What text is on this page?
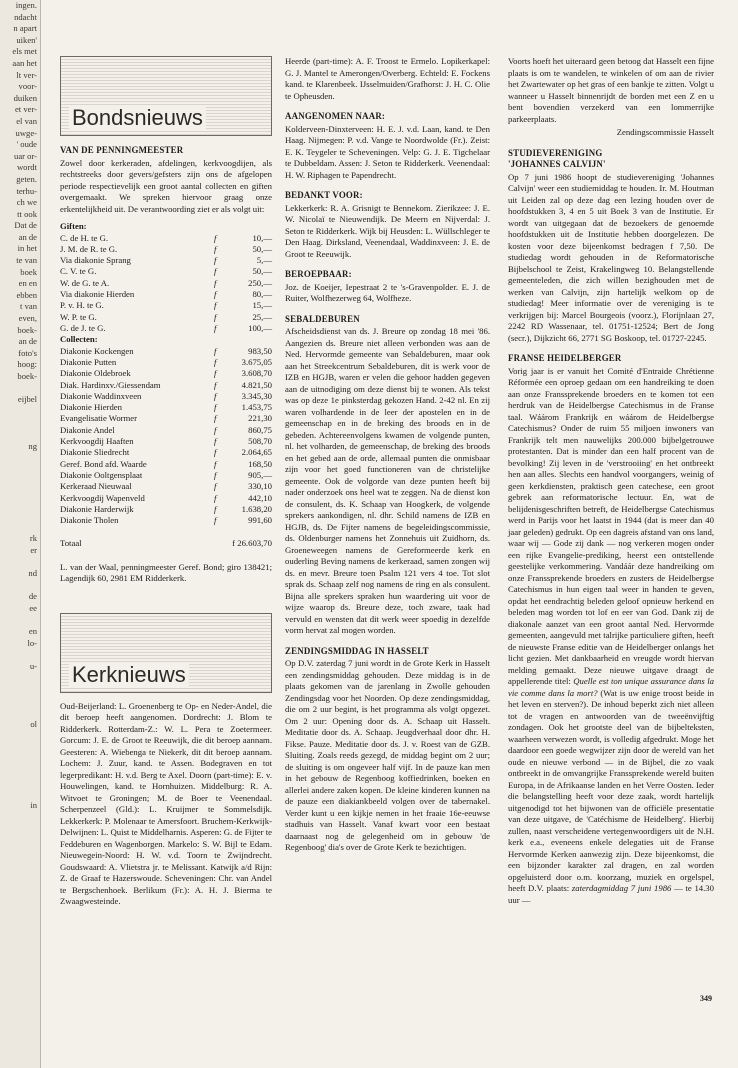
ingen.
ndacht
n apart
uiken'
els met
aan het
lt ver-
voor-
duiken
et ver-
el van
uwge-
' oude
uar or-
wordt
geten.
terhu-
ch we
tt ook
Dat de
an de
in het
te van
boek
en en
ebben
t van
even,
boek-
an de
foto's
hoog:
boek-

eijbel

ng

rk
er

nd

de
ee

en
lo-

u-

ol

in
Bondsnieuws
VAN DE PENNINGMEESTER

Zowel door kerkeraden, afdelingen, kerkvoogdijen, als rechtstreeks door gevers/gefsters zijn ons de afgelopen periode respectievelijk een groot aantal collecten en giften overgemaakt. We spreken hiervoor graag onze erkentelijkheid uit. De verantwoording ziet er als volgt uit:

Giften:
C. de H. te G.	f	10,—
J. M. de R. te G.	f	50,—
Via diakonie Sprang	f	5,—
C. V. te G.	f	50,—
W. de G. te A.	f	250,—
Via diakonie Hierden	f	80,—
P. v. H. te G.	f	15,—
W. P. te G.	f	25,—
G. de J. te G.	f	100,—
Collecten:
Diakonie Kockengen	f	983,50
Diakonie Putten	f	3.675,05
Diakonie Oldebroek	f	3.608,70
Diak. Hardinxv./Giessendam	f	4.821,50
Diakonie Waddinxveen	f	3.345,30
Diakonie Hierden	f	1.453,75
Evangelisatie Wormer	f	221,30
Diakonie Andel	f	860,75
Kerkvoogdij Haaften	f	508,70
Diakonie Sliedrecht	f	2.064,65
Geref. Bond afd. Waarde	f	168,50
Diakonie Ooltgensplaat	f	905,—
Kerkeraad Nieuwaal	f	330,10
Kerkvoogdij Wapenveld	f	442,10
Diakonie Harderwijk	f	1.638,20
Diakonie Tholen	f	991,60
Totaal	f 26.603,70

L. van der Waal, penningmeester Geref. Bond; giro 138421; Lagendijk 60, 2981 EM Ridderkerk.

Kerknieuws

Oud-Beijerland: L. Groenenberg te Op- en Neder-Andel, die dit beroep heeft aangenomen. Dordrecht: J. Blom te Ridderkerk. Rotterdam-Z.: W. L. Pera te Zoetermeer. Gorcum: J. E. de Groot te Reeuwijk, die dit beroep aannam. Geesteren: A. Wiebenga te Niekerk, dit dit beroep aannam. Lochem: J. Zuur, kand. te Assen. Bodegraven en tot legerpredikant: H. v.d. Berg te Axel. Doorn (part-time): E. v. Houwelingen, kand. te Hornhuizen. Middelburg: R. A. Witvoet te Groningen; M. de Boer te Veenendaal. Scherpenzeel (Gld.): L. Kruijmer te Sommelsdijk. Lekkerkerk: P. Molenaar te Amersfoort. Bruchem-Kerkwijk-Delwijnen: L. Quist te Middelharnis. Asperen: G. de Fijter te Feddeburen en Wagenborgen. Markelo: S. W. Bijl te Edam. Nieuwegein-Noord: H. W. v.d. Toorn te Zwijndrecht. Goudswaard: A. Vlietstra jr. te Melissant. Katwijk a/d Rijn: Z. de Graaf te Hazerswoude. Scheveningen: Chr. van Andel te Bergschenhoek. Berlikum (Fr.): A. H. J. Bierma te Zwaagwesteinde.

Heerde (part-time): A. F. Troost te Ermelo. Lopikerkapel: G. J. Mantel te Amerongen/Overberg. Echteld: E. Fockens kand. te Klarenbeek. IJsselmuiden/Grafhorst: J. H. C. Olie te Opheusden.

AANGENOMEN NAAR:

Kolderveen-Dinxterveen: H. E. J. v.d. Laan, kand. te Den Haag. Nijmegen: P. v.d. Vange te Noordwolde (Fr.). Zeist: E. K. Teygeler te Scheveningen. Velp: G. J. E. Tigchelaar te Dubbeldam. Assen: J. Seton te Ridderkerk. Veenendaal: H. W. Riphagen te Papendrecht.

BEDANKT VOOR:

Lekkerkerk: R. A. Grisnigt te Bennekom. Zierikzee: J. E. W. Nicolaï te Nieuwendijk. De Meern en Nijverdal: J. Seton te Ridderkerk. Wijk bij Heusden: L. Wüllschleger te Den Haag. Dirksland, Veenendaal, Waddinxveen: J. E. de Groot te Reeuwijk.

BEROEPBAAR:

Joz. de Koeijer, Iepestraat 2 te 's-Gravenpolder. E. J. de Ruiter, Wolfhezerweg 64, Wolfheze.

SEBALDEBUREN

Afscheidsdienst van ds. J. Breure op zondag 18 mei '86. Aangezien ds. Breure niet alleen verbonden was aan de Ned. Hervormde gemeente van Sebaldeburen, maar ook aan het Streekcentrum Sebaldeburen, dit is werk voor de IZB en HGJB, waren er velen die gehoor hadden gegeven aan de uitnodiging om deze dienst bij te wonen. Als tekst was op deze 1e pinksterdag gekozen Hand. 2-42 nl. En zij waren volhardende in de leer der apostelen en in de gemeenschap en in de breking des broods en in de gebeden. Achtereenvolgens kwamen de volgende punten, nl. het volharden, de gemeenschap, de breking des broods en het gebed aan de orde, allemaal punten die onmisbaar zijn voor het goed functioneren van de christelijke gemeente. Ook de volgorde van deze punten heeft bij nader onderzoek ons heel wat te zeggen. Na de dienst kon de consulent, ds. K. Schaap van Hoogkerk, de volgende sprekers aankondigen, nl. dhr. Schild namens de IZB en HGJB, ds. De Fijter namens de begeleidingscommissie, ds. Oldenburger namens het Zonnehuis uit Zuidhorn, ds. Groeneweegen namens de Gereformeerde kerk en ouderling Beving namens de kerkeraad, samen zongen wij ds. en mevr. Breure toen Psalm 121 vers 4 toe. Tot slot sprak ds. Schaap zelf nog namens de ring en als consulent. Bijna alle sprekers spraken hun waardering uit voor de wijze waarop ds. Breure deze, toch zware, taak had vervuld en wensten dat dit werk weer spoedig in dezelfde vorm hervat zal mogen worden.

ZENDINGSMIDDAG IN HASSELT

Op D.V. zaterdag 7 juni wordt in de Grote Kerk in Hasselt een zendingsmiddag gehouden. Deze middag is in de plaats gekomen van de jarenlang in Zwolle gehouden Zendingsdag voor het Noorden. Op deze zendingsmiddag, die om 2 uur begint, is het programma als volgt opgezet. Om 2 uur: Opening door ds. A. Schaap uit Hasselt. Meditatie door ds. A. Schaap. Jeugdverhaal door dhr. H. Fikse. Pauze. Meditatie door ds. J. v. Roest van de GZB. Sluiting. Zoals reeds gezegd, de middag begint om 2 uur; de sluiting is om ongeveer half vijf. In de pauze kan men in het gebouw de Regenboog koffiedrinken, boeken en allerlei andere zaken kopen. De kleine kinderen kunnen na de pauze een diakiankbeeld volgen over de tabernakel. Verder kunt u een kijkje nemen in het fraaie 16e-eeuwse stadhuis van Hasselt. Vanaf kwart voor een bestaat daarnaast nog de gelegenheid om in gebouw 'de Regenboog' dia's over de Grote Kerk te bezichtigen.

Voorts hoeft het uiteraard geen betoog dat Hasselt een fijne plaats is om te wandelen, te winkelen of om aan de rivier het Zwartewater op het gras of een bankje te zitten. Volgt u wanneer u Hasselt binnenrijdt de borden met een Z en u bent bovendien verzekerd van een lommerrijke parkeerplaats.

Zendingscommissie Hasselt
STUDIEVERENIGING
'JOHANNES CALVIJN'

Op 7 juni 1986 hoopt de studievereniging 'Johannes Calvijn' weer een studiemiddag te houden. Ir. M. Houtman uit Leiden zal op deze dag een lezing houden over de hoofdstukken 3, 4 en 5 uit Boek 3 van de Institutie. Er wordt van uitgegaan dat de bezoekers de genoemde hoofdstukken uit de Institutie hebben doorgelezen. De kosten voor deze bijeenkomst bedragen f 7,50. De studiedag wordt gehouden in de Reformatorische Bijbelschool te Zeist, Krakelingweg 10. Belangstellende gemeenteleden, die zich willen bezighouden met de werken van Calvijn, zijn hartelijk welkom op de studiedag! Meer informatie over de vereniging is te verkrijgen bij: Marcel Bourgeois (voorz.), Florijnlaan 27, 2242 RD Wassenaar, tel. 01751-12524; Bert de Jong (secr.), Dijkzicht 66, 2771 SG Boskoop, tel. 01727-2245.

FRANSE HEIDELBERGER

Vorig jaar is er vanuit het Comité d'Entraide Chrétienne Réformée een oproep gedaan om een handreiking te doen aan onze Franssprekende broeders en te komen tot een herdruk van de Heidelbergse Catechismus in de Franse taal. Wáárom Frankrijk en wáárom de Heidelbergse Catechismus? Onder de ruim 55 miljoen inwoners van Frankrijk telt men nauwelijks 200.000 bijbelgetrouwe protestanten. Dat is minder dan een half procent van de bevolking! Zij leven in de 'verstrooiing' en het ontbreekt hen aan alles. Slechts een handvol voorgangers, weinig of geen kerkdiensten, praktisch geen catechese, een groot gebrek aan reformatorische lectuur. En, wat de belijdenisgeschriften betreft, de Heidelbergse Catechismus werd in Parijs voor het laatst in 1944 (dat is meer dan 40 jaar geleden) gedrukt. Op een dagreis afstand van ons land, waar wij — Gode zij dank — nog verkeren mogen onder een rijke Evangelie-prediking, heerst een ontstellende geestelijke verkommering. Vandáár deze handreiking om onze Franssprekende broeders en zusters de Heidelbergse Catechismus in hun eigen taal weer in handen te geven, opdat het eendrachtig beleden geloof opnieuw herkend en beleden mag worden tot lof en eer van God. Dank zij de diakonale aanzet van een groot aantal Ned. Hervormde gemeenten, aangevuld met talrijke particuliere giften, heeft de nieuwste Franse editie van de Heidelberger onlangs het licht gezien. Met dankbaarheid en vreugde wordt hiervan melding gemaakt. Deze nieuwe uitgave draagt de appellerende titel: Quelle est ton unique assurance dans la vie comme dans la mort? (Wat is uw enige troost beide in het leven en sterven?). De inhoud beperkt zich niet alleen tot de vragen en antwoorden van de tweeënvijftig zondagen. Ook het grootste deel van de bijbelteksten, waarheen verwezen wordt, is volledig afgedrukt. Moge het daardoor een goede wegwijzer zijn door de wereld van het oude en nieuwe verbond — in de Bijbel, die zo vaak ontbreekt in de omvangrijke Franssprekende wereld buiten Europa, in de Afrikaanse landen en het Verre Oosten. Ieder die belangstelling heeft voor deze zaak, wordt hartelijk uitgenodigd tot het bijwonen van de officiële presentatie van deze uitgave, de 'Catéchisme de Heidelberg'. Hierbij zullen, naast verscheidene vertegenwoordigers uit de N.H. kerk e.a., eveneens enkele delegaties uit de Franse Hervormde Kerken aanwezig zijn. Deze bijeenkomst, die een bijzonder karakter zal dragen, en zal worden opgeluisterd door o.m. koorzang, muziek en orgelspel, heeft D.V. plaats: zaterdagmiddag 7 juni 1986 — te 14.30 uur —

349
